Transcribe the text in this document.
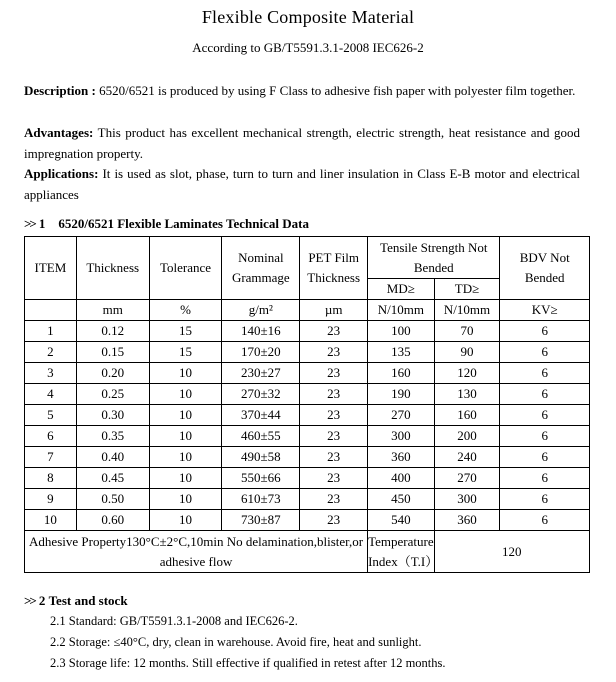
Flexible Composite Material
According to GB/T5591.3.1-2008 IEC626-2
Description : 6520/6521 is produced by using F Class to adhesive fish paper with polyester film together.
Advantages: This product has excellent mechanical strength, electric strength, heat resistance and good impregnation property.
Applications: It is used as slot, phase, turn to turn and liner insulation in Class E-B motor and electrical appliances
>> 1 6520/6521 Flexible Laminates Technical Data
ITEM	Thickness	Tolerance	Nominal Grammage	PET Film Thickness	Tensile Strength Not Bended		BDV Not Bended
					MD≥	TD≥	
	mm	%	g/m²	µm	N/10mm	N/10mm	KV≥
1	0.12	15	140±16	23	100	70	6
2	0.15	15	170±20	23	135	90	6
3	0.20	10	230±27	23	160	120	6
4	0.25	10	270±32	23	190	130	6
5	0.30	10	370±44	23	270	160	6
6	0.35	10	460±55	23	300	200	6
7	0.40	10	490±58	23	360	240	6
8	0.45	10	550±66	23	400	270	6
9	0.50	10	610±73	23	450	300	6
10	0.60	10	730±87	23	540	360	6
Adhesive Property130°C±2°C,10min No delamination,blister,or adhesive flow					Temperature Index（T.I）	120	
>> 2 Test and stock
2.1 Standard: GB/T5591.3.1-2008 and IEC626-2.
2.2 Storage: ≤40°C, dry, clean in warehouse. Avoid fire, heat and sunlight.
2.3 Storage life: 12 months. Still effective if qualified in retest after 12 months.
